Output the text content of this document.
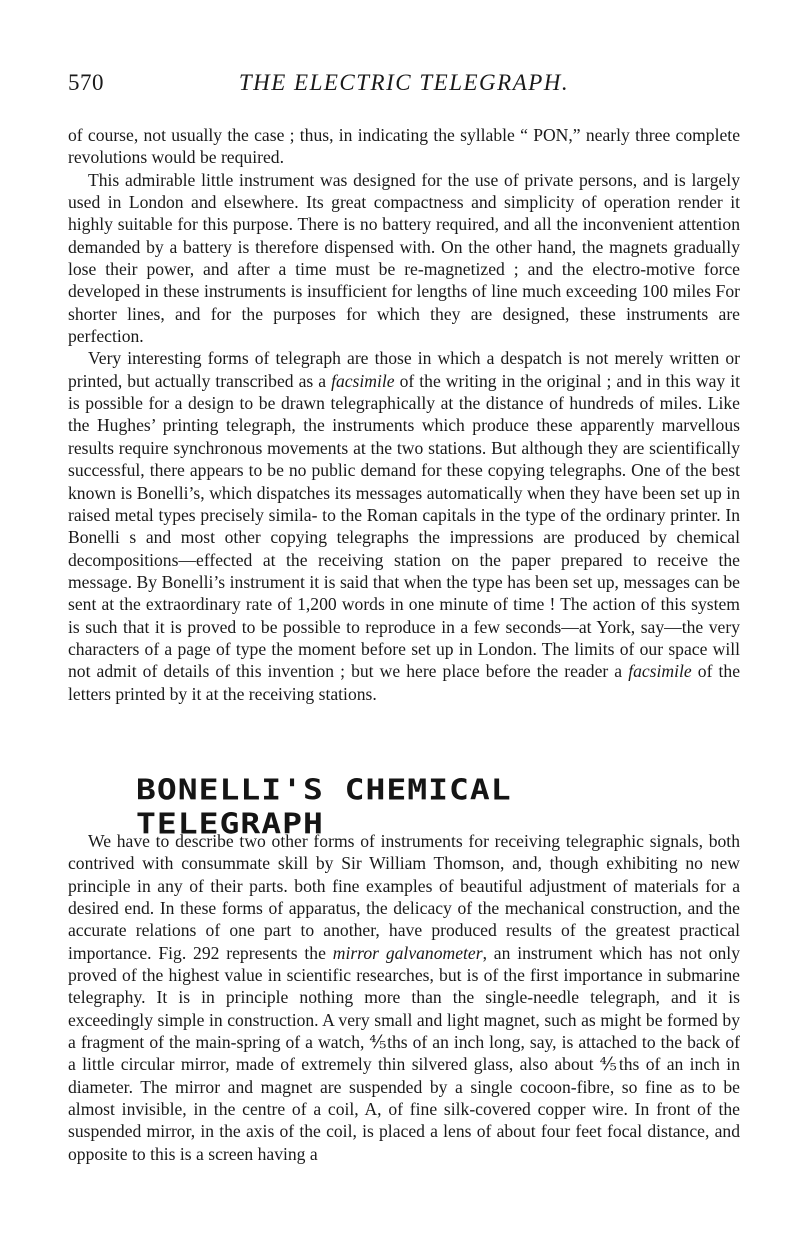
570	THE ELECTRIC TELEGRAPH.

of course, not usually the case ; thus, in indicating the syllable “ PON,” nearly three complete revolutions would be required.

This admirable little instrument was designed for the use of private persons, and is largely used in London and elsewhere. Its great compactness and simplicity of operation render it highly suitable for this purpose. There is no battery required, and all the inconvenient attention demanded by a battery is therefore dispensed with. On the other hand, the magnets gradually lose their power, and after a time must be re-magnetized ; and the electro-motive force developed in these instruments is insufficient for lengths of line much exceeding 100 miles For shorter lines, and for the purposes for which they are designed, these instruments are perfection.

Very interesting forms of telegraph are those in which a despatch is not merely written or printed, but actually transcribed as a facsimile of the writing in the original ; and in this way it is possible for a design to be drawn telegraphically at the distance of hundreds of miles. Like the Hughes’ printing telegraph, the instruments which produce these apparently marvellous results require synchronous movements at the two stations. But although they are scientifically successful, there appears to be no public demand for these copying telegraphs. One of the best known is Bonelli’s, which dispatches its messages automatically when they have been set up in raised metal types precisely simila- to the Roman capitals in the type of the ordinary printer. In Bonelli s and most other copying telegraphs the impressions are produced by chemical decompositions—effected at the receiving station on the paper prepared to receive the message. By Bonelli’s instrument it is said that when the type has been set up, messages can be sent at the extraordinary rate of 1,200 words in one minute of time ! The action of this system is such that it is proved to be possible to reproduce in a few seconds—at York, say—the very characters of a page of type the moment before set up in London. The limits of our space will not admit of details of this invention ; but we here place before the reader a facsimile of the letters printed by it at the receiving stations.

BONELLI'S CHEMICAL TELEGRAPH

We have to describe two other forms of instruments for receiving telegraphic signals, both contrived with consummate skill by Sir William Thomson, and, though exhibiting no new principle in any of their parts. both fine examples of beautiful adjustment of materials for a desired end. In these forms of apparatus, the delicacy of the mechanical construction, and the accurate relations of one part to another, have produced results of the greatest practical importance. Fig. 292 represents the mirror galvanometer, an instrument which has not only proved of the highest value in scientific researches, but is of the first importance in submarine telegraphy. It is in principle nothing more than the single-needle telegraph, and it is exceedingly simple in construction. A very small and light magnet, such as might be formed by a fragment of the main-spring of a watch, ⅘ths of an inch long, say, is attached to the back of a little circular mirror, made of extremely thin silvered glass, also about ⅘ths of an inch in diameter. The mirror and magnet are suspended by a single cocoon-fibre, so fine as to be almost invisible, in the centre of a coil, A, of fine silk-covered copper wire. In front of the suspended mirror, in the axis of the coil, is placed a lens of about four feet focal distance, and opposite to this is a screen having a
